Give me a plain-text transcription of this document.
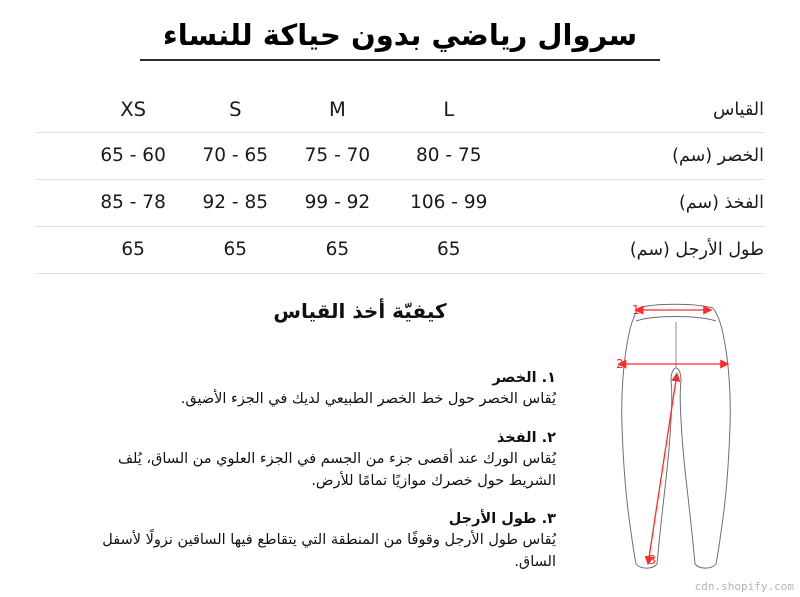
سروال رياضي بدون حياكة للنساء
القياس	L	M	S	XS	
الخصر (سم)	80 - 75	75 - 70	70 - 65	65 - 60	
الفخذ (سم)	106 - 99	99 - 92	92 - 85	85 - 78	
طول الأرجل (سم)	65	65	65	65	
كيفيّة أخذ القياس
١. الخصر
يُقاس الخصر حول خط الخصر الطبيعي لديك في الجزء الأضيق.
٢. الفخذ
يُقاس الورك عند أقصى جزء من الجسم في الجزء العلوي من الساق، يُلف الشريط حول خصرك موازيًا تمامًا للأرض.
٣. طول الأرجل
يُقاس طول الأرجل وقوفًا من المنطقة التي يتقاطع فيها الساقين نزولًا لأسفل الساق.
1
2
3
cdn.shopify.com
